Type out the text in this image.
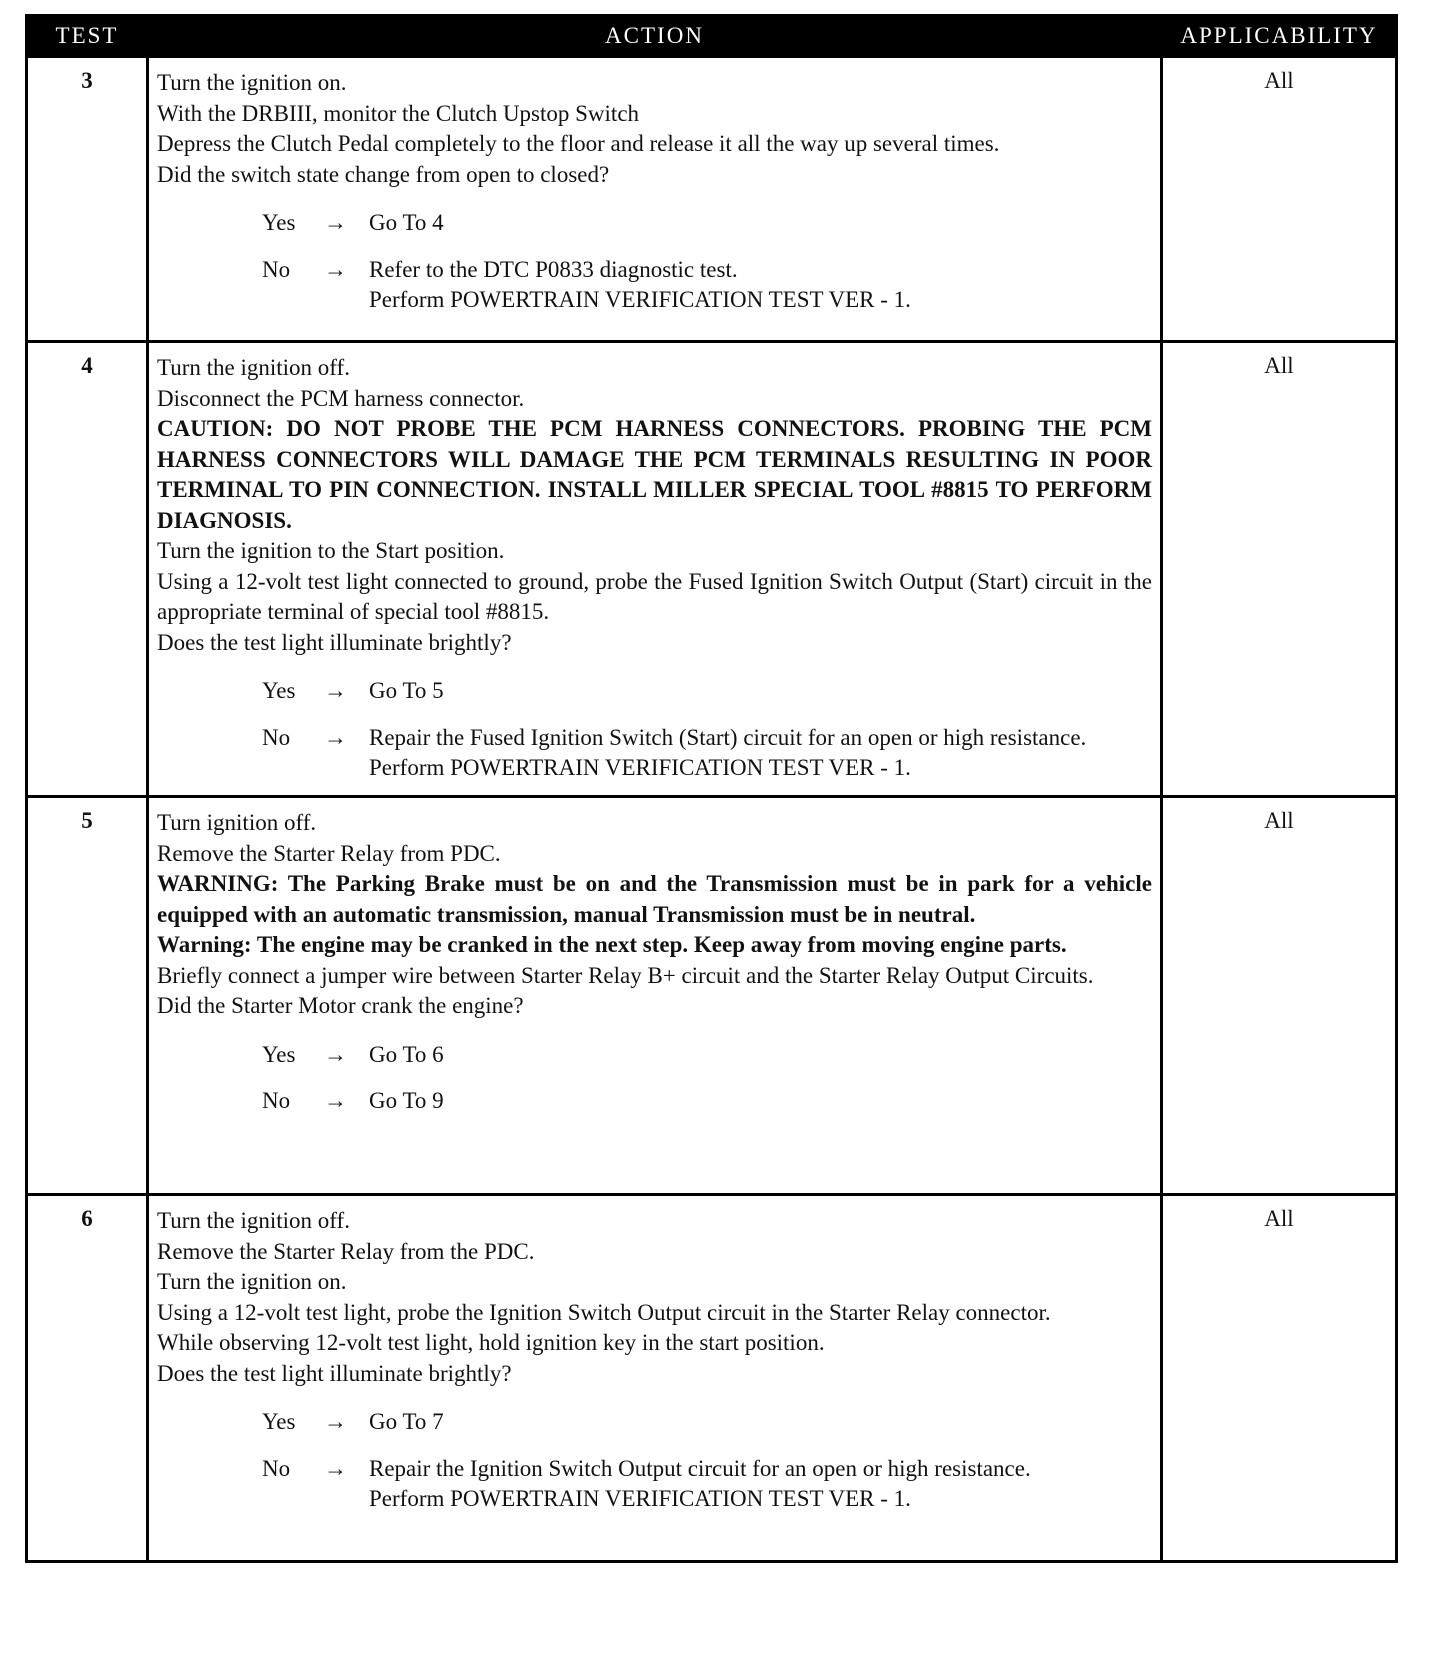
TEST	ACTION	APPLICABILITY
3	Turn the ignition on.
With the DRBIII, monitor the Clutch Upstop Switch
Depress the Clutch Pedal completely to the floor and release it all the way up several times.
Did the switch state change from open to closed?
Yes	→ Go To 4
No	→ Refer to the DTC P0833 diagnostic test.
Perform POWERTRAIN VERIFICATION TEST VER - 1.
All
4	Turn the ignition off.
Disconnect the PCM harness connector.
CAUTION: DO NOT PROBE THE PCM HARNESS CONNECTORS. PROBING THE PCM HARNESS CONNECTORS WILL DAMAGE THE PCM TERMINALS RESULTING IN POOR TERMINAL TO PIN CONNECTION. INSTALL MILLER SPECIAL TOOL #8815 TO PERFORM DIAGNOSIS.
Turn the ignition to the Start position.
Using a 12-volt test light connected to ground, probe the Fused Ignition Switch Output (Start) circuit in the appropriate terminal of special tool #8815.
Does the test light illuminate brightly?
Yes	→ Go To 5
No	→ Repair the Fused Ignition Switch (Start) circuit for an open or high resistance.
Perform POWERTRAIN VERIFICATION TEST VER - 1.
All
5	Turn ignition off.
Remove the Starter Relay from PDC.
WARNING: The Parking Brake must be on and the Transmission must be in park for a vehicle equipped with an automatic transmission, manual Transmission must be in neutral.
Warning: The engine may be cranked in the next step. Keep away from moving engine parts.
Briefly connect a jumper wire between Starter Relay B+ circuit and the Starter Relay Output Circuits.
Did the Starter Motor crank the engine?
Yes	→ Go To 6
No	→ Go To 9
All
6	Turn the ignition off.
Remove the Starter Relay from the PDC.
Turn the ignition on.
Using a 12-volt test light, probe the Ignition Switch Output circuit in the Starter Relay connector.
While observing 12-volt test light, hold ignition key in the start position.
Does the test light illuminate brightly?
Yes	→ Go To 7
No	→ Repair the Ignition Switch Output circuit for an open or high resistance.
Perform POWERTRAIN VERIFICATION TEST VER - 1.
All
